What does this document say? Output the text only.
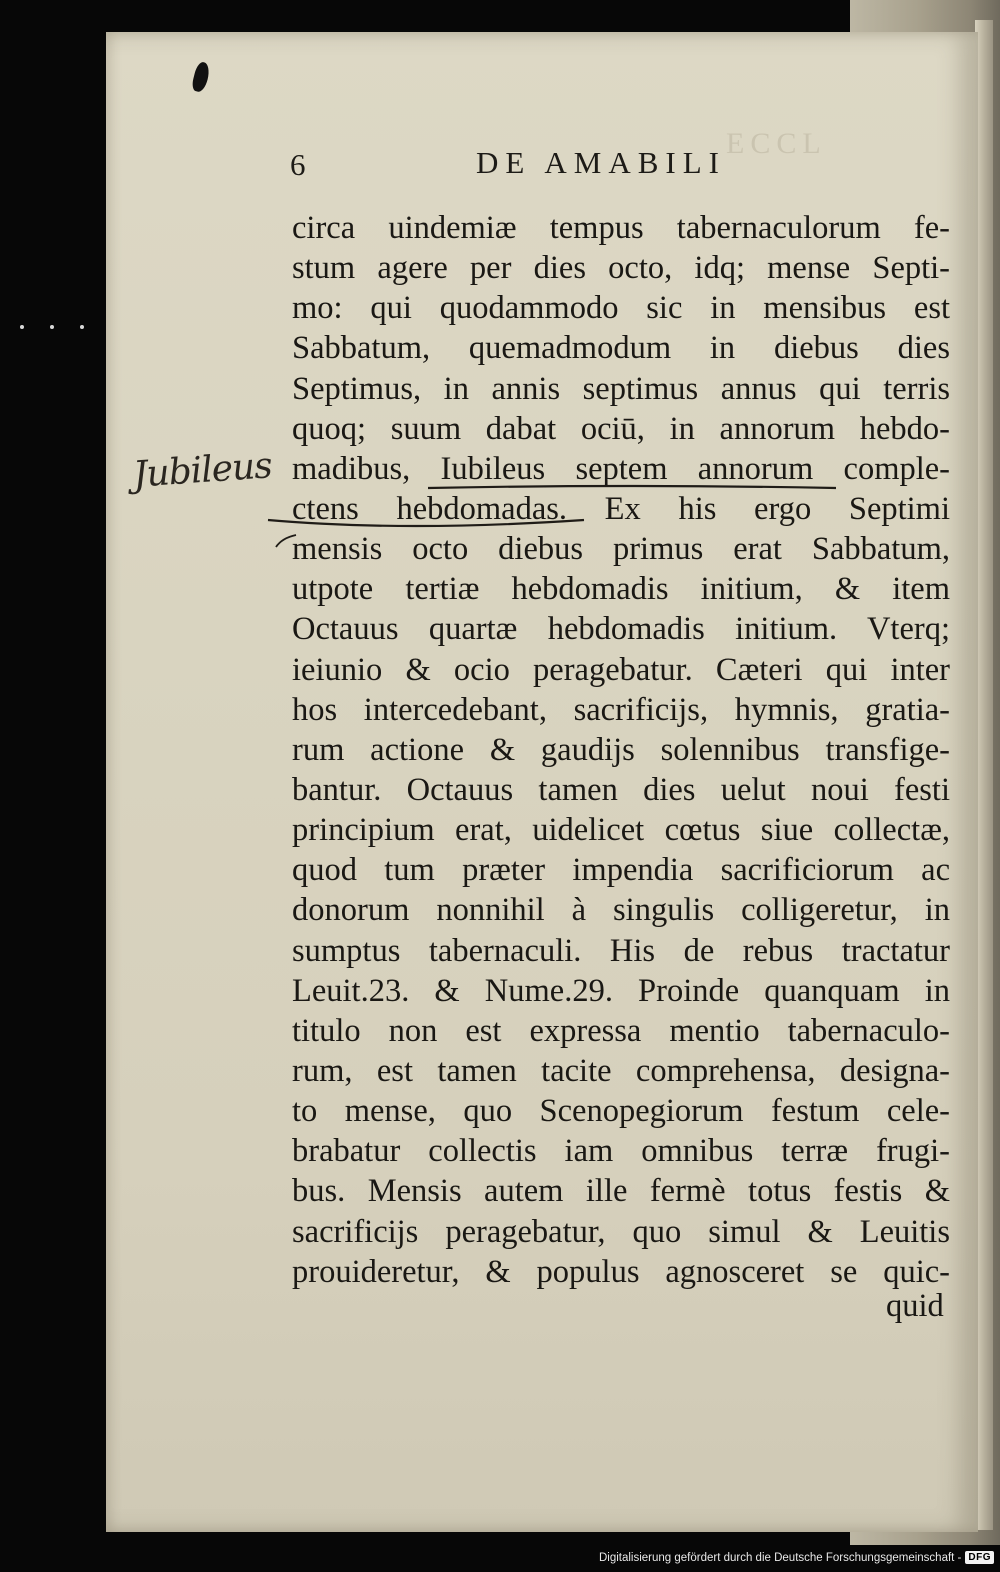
ECCL
6	DE AMABILI
Jubileus
circa uindemiæ tempus tabernaculorum fe-
stum agere per dies octo, idq; mense Septi-
mo: qui quodammodo sic in mensibus est
Sabbatum, quemadmodum in diebus dies
Septimus, in annis septimus annus qui terris
quoq; suum dabat ociū, in annorum hebdo-
madibus, Iubileus septem annorum comple-
ctens hebdomadas. Ex his ergo Septimi
mensis octo diebus primus erat Sabbatum,
utpote tertiæ hebdomadis initium, & item
Octauus quartæ hebdomadis initium. Vterq;
ieiunio & ocio peragebatur. Cæteri qui inter
hos intercedebant, sacrificijs, hymnis, gratia-
rum actione & gaudijs solennibus transfige-
bantur. Octauus tamen dies uelut noui festi
principium erat, uidelicet cœtus siue collectæ,
quod tum præter impendia sacrificiorum ac
donorum nonnihil à singulis colligeretur, in
sumptus tabernaculi. His de rebus tractatur
Leuit.23. & Nume.29. Proinde quanquam in
titulo non est expressa mentio tabernaculo-
rum, est tamen tacite comprehensa, designa-
to mense, quo Scenopegiorum festum cele-
brabatur collectis iam omnibus terræ frugi-
bus. Mensis autem ille fermè totus festis &
sacrificijs peragebatur, quo simul & Leuitis
prouideretur, & populus agnosceret se quic-
quid
Digitalisierung gefördert durch die Deutsche Forschungsgemeinschaft - DFG
